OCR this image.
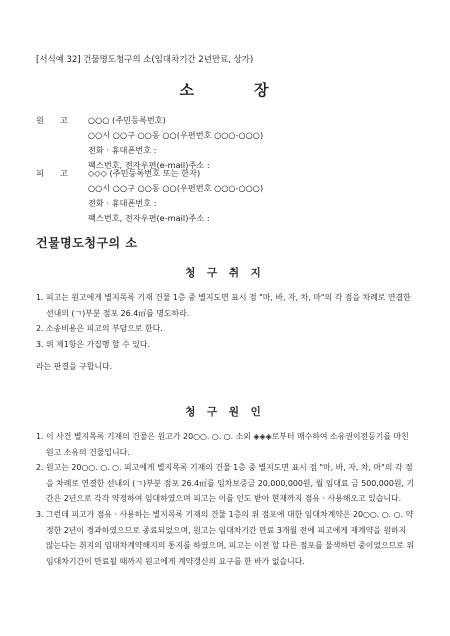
[서식예 32] 건물명도청구의 소(임대차기간 2년만료, 상가)
소	장
원 고 ○○○ (주민등록번호)
○○시 ○○구 ○○동 ○○(우편번호 ○○○-○○○)
전화 · 휴대폰번호 :
팩스번호, 전자우편(e-mail)주소 :
피 고 ◇◇◇ (주민등록번호 또는 한자)
○○시 ○○구 ○○동 ○○(우편번호 ○○○-○○○)
전화 · 휴대폰번호 :
팩스번호, 전자우편(e-mail)주소 :
건물명도청구의 소
청 구 취 지
1. 피고는 원고에게 별지목록 기재 건물 1층 중 별지도면 표시 점 "마, 바, 자, 차, 마"의 각 점을 차례로 연결한 선내의 (ㄱ)부분 점포 26.4㎡를 명도하라.
2. 소송비용은 피고의 부담으로 한다.
3. 위 제1항은 가집행 할 수 있다.
라는 판결을 구합니다.
청 구 원 인
1. 이 사건 별지목록 기재의 건물은 원고가 20○○. ○. ○. 소외 ◈◈◈로부터 매수하여 소유권이전등기를 마친 원고 소유의 건물입니다.
2. 원고는 20○○. ○. ○. 피고에게 별지목록 기재의 건물 1층 중 별지도면 표시 점 "마, 바, 자, 차, 마"의 각 점을 차례로 연결한 선내의 (ㄱ)부분 점포 26.4㎡를 임차보증금 20,000,000원, 월 임대료 금 500,000원, 기간은 2년으로 각각 약정하여 임대하였으며 피고는 이를 인도 받아 현재까지 점유 · 사용해오고 있습니다.
3. 그런데 피고가 점유 · 사용하는 별지목록 기재의 건물 1층의 위 점포에 대한 임대차계약은 20○○. ○. ○. 약정한 2년이 경과하였으므로 종료되었으며, 원고는 임대차기간 만료 3개월 전에 피고에게 재계약을 원하지 않는다는 취지의 임대차계약해지의 통지를 하였으며, 피고는 이전 할 다른 점포를 물색하던 중이었으므로 위 임대차기간이 만료될 때까지 원고에게 계약갱신의 요구를 한 바가 없습니다.
